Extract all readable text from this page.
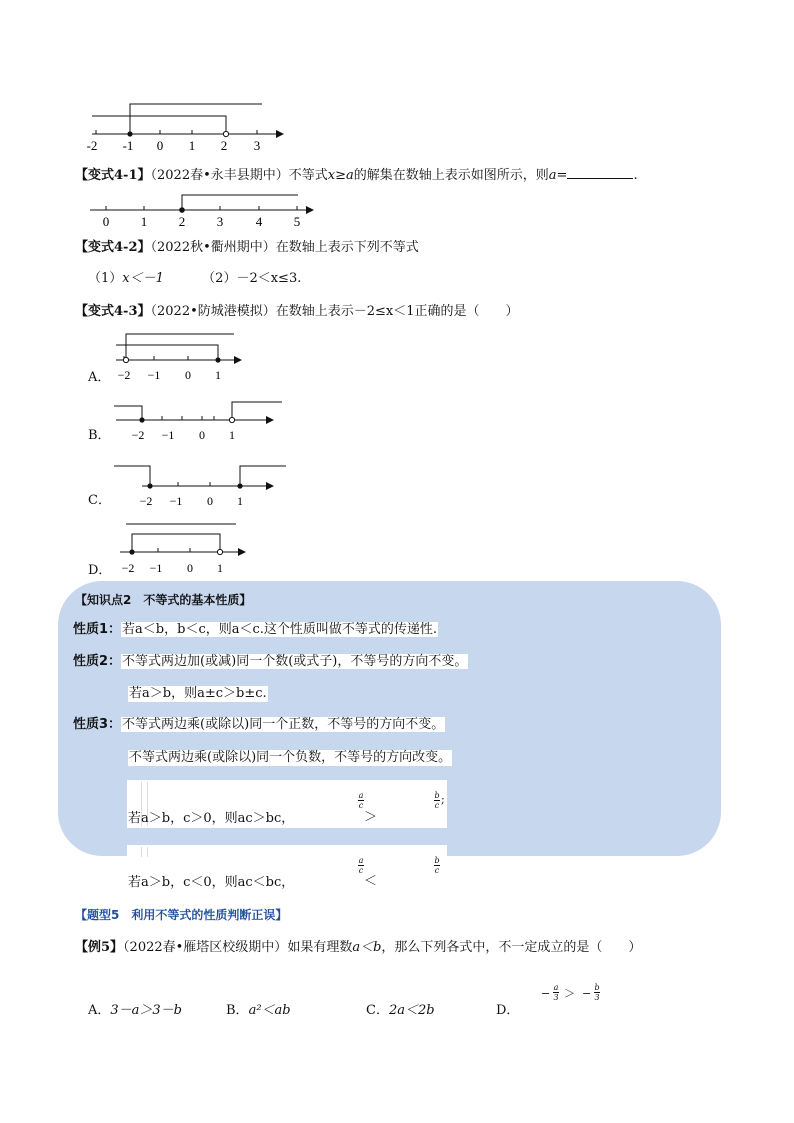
-2 -1 0 1 2 3
【变式4-1】（2022春•永丰县期中）不等式x≥a的解集在数轴上表示如图所示，则a=	.
0 1 2 3	4 5
【变式4-2】（2022秋•衢州期中）在数轴上表示下列不等式
（1）x＜－1	（2）－2＜x≤3.
【变式4-3】（2022•防城港模拟）在数轴上表示－2≤x＜1正确的是（　　）
A． −2 −1 0 1
B． −2 −1 0 1
C． −2 −1 0 1
D． −2 −1 0 1
【知识点2　不等式的基本性质】
性质1：若a＜b，b＜c，则a＜c.这个性质叫做不等式的传递性.
性质2：不等式两边加(或减)同一个数(或式子)，不等号的方向不变。
若a＞b，则a±c＞b±c.
性质3：不等式两边乘(或除以)同一个正数，不等号的方向不变。
不等式两边乘(或除以)同一个负数，不等号的方向改变。
若a＞b，c＞0，则ac＞bc，
a
c
＞
b
c ;
若a＞b，c＜0，则ac＜bc，
a
c
＜
b
c
【题型5　利用不等式的性质判断正误】
【例5】（2022春•雁塔区校级期中）如果有理数a＜b，那么下列各式中，不一定成立的是（　　）
A．3－a＞3－b	B．a²＜ab	C．2a＜2b	D．
− a
3 ＞ − b
3
